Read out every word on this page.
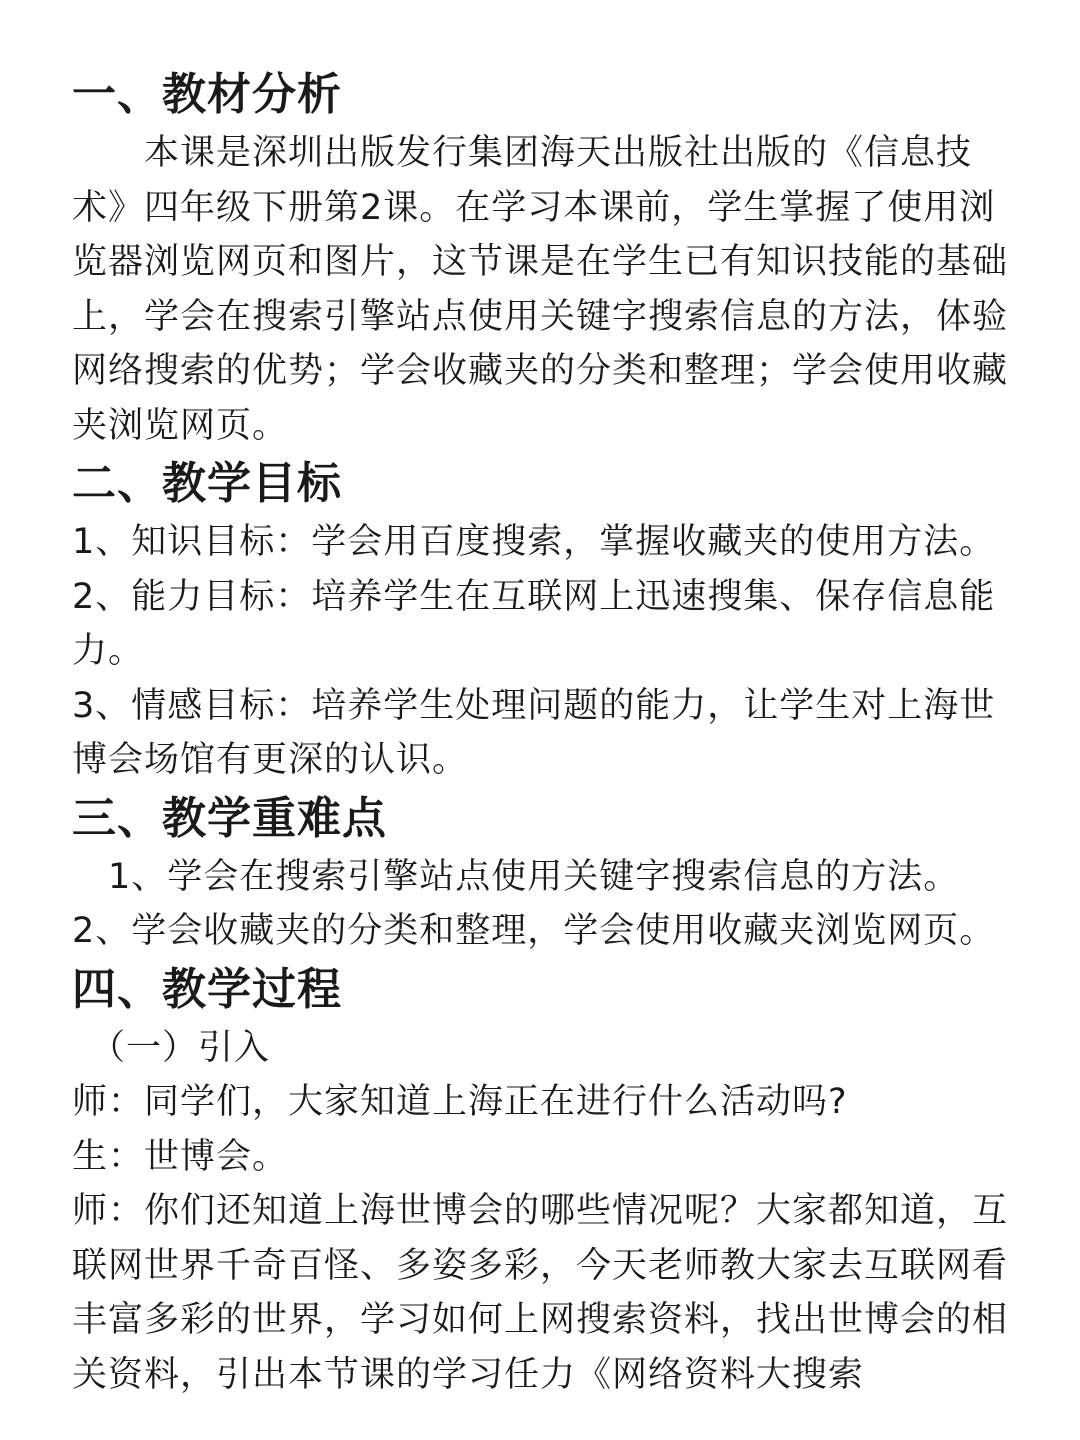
一、教材分析

本课是深圳出版发行集团海天出版社出版的《信息技术》四年级下册第2课。在学习本课前，学生掌握了使用浏览器浏览网页和图片，这节课是在学生已有知识技能的基础上，学会在搜索引擎站点使用关键字搜索信息的方法，体验网络搜索的优势；学会收藏夹的分类和整理；学会使用收藏夹浏览网页。

二、教学目标

1、知识目标：学会用百度搜索，掌握收藏夹的使用方法。

2、能力目标：培养学生在互联网上迅速搜集、保存信息能力。

3、情感目标：培养学生处理问题的能力，让学生对上海世博会场馆有更深的认识。

三、教学重难点

1、学会在搜索引擎站点使用关键字搜索信息的方法。

2、学会收藏夹的分类和整理，学会使用收藏夹浏览网页。

四、教学过程

（一）引入

师：同学们，大家知道上海正在进行什么活动吗?

生：世博会。

师：你们还知道上海世博会的哪些情况呢？大家都知道，互联网世界千奇百怪、多姿多彩，今天老师教大家去互联网看丰富多彩的世界，学习如何上网搜索资料，找出世博会的相关资料，引出本节课的学习任力《网络资料大搜索
